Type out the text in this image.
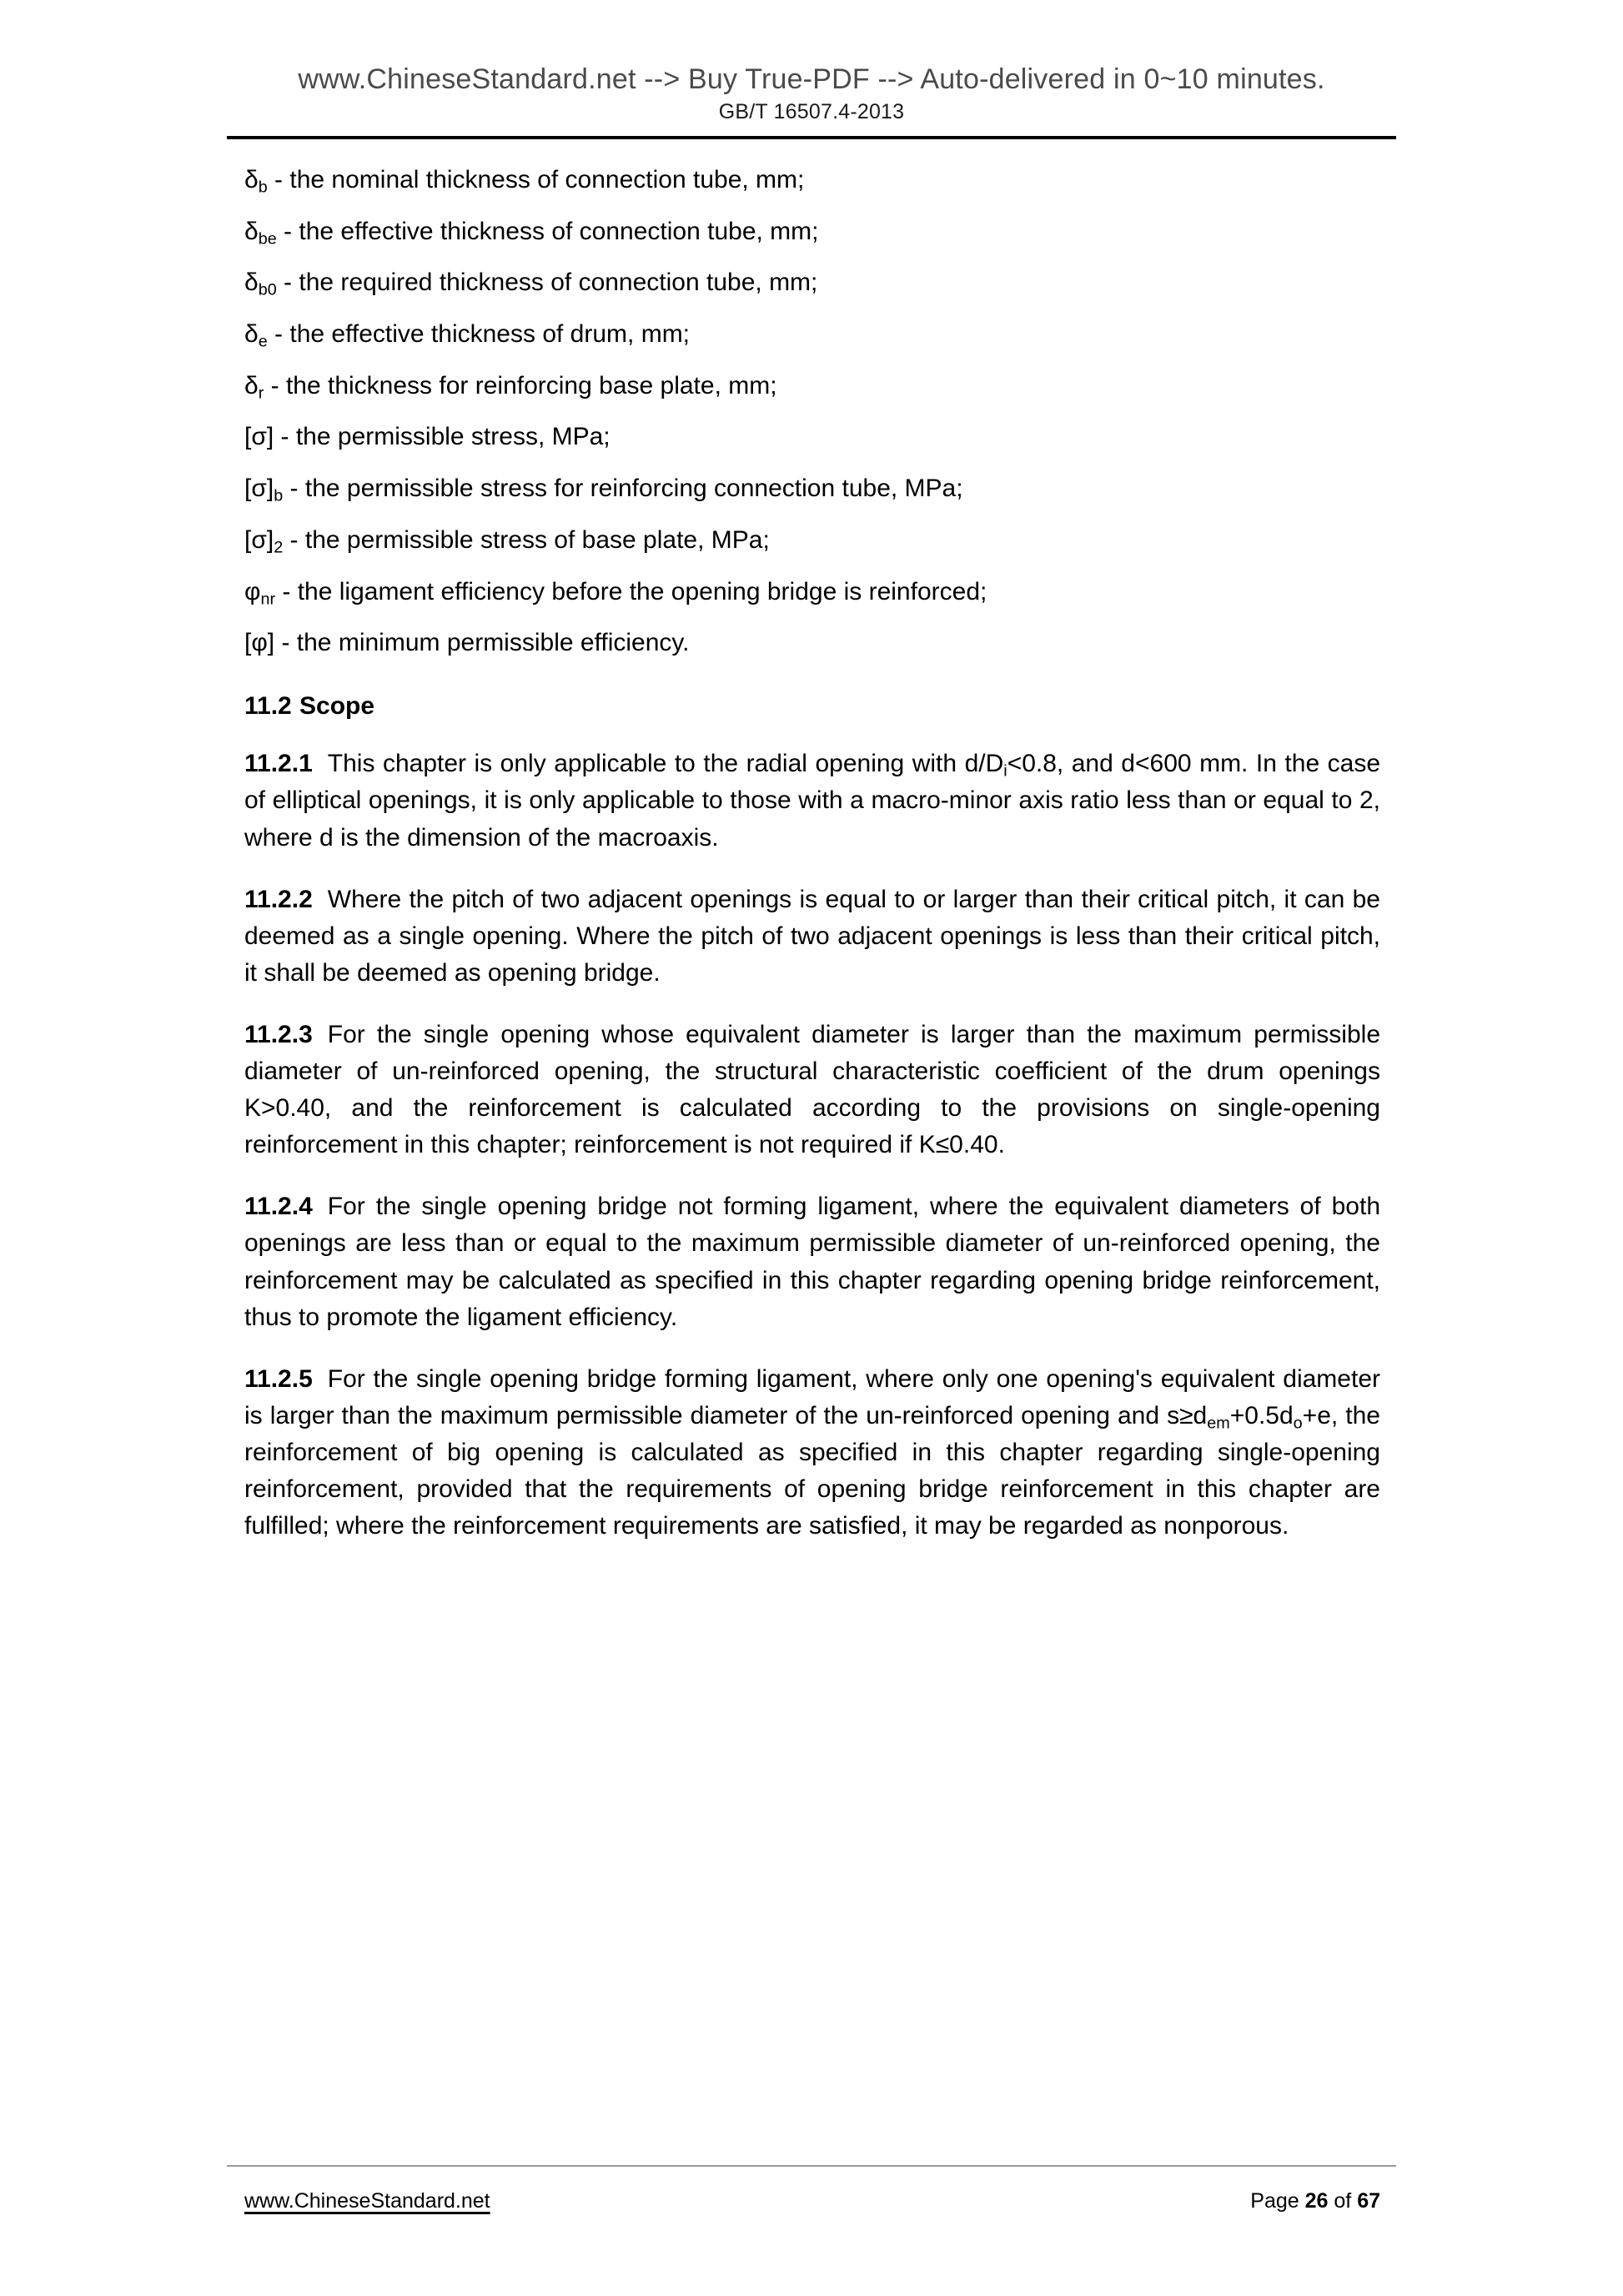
www.ChineseStandard.net --> Buy True-PDF --> Auto-delivered in 0~10 minutes.
GB/T 16507.4-2013
$\delta_b$ - the nominal thickness of connection tube, mm;
$\delta_{be}$ - the effective thickness of connection tube, mm;
$\delta_{b0}$ - the required thickness of connection tube, mm;
$\delta_e$ - the effective thickness of drum, mm;
$\delta_r$ - the thickness for reinforcing base plate, mm;
[σ] - the permissible stress, MPa;
$[\sigma]_b$ - the permissible stress for reinforcing connection tube, MPa;
$[\sigma]_2$ - the permissible stress of base plate, MPa;
$\varphi_{nr}$ - the ligament efficiency before the opening bridge is reinforced;
[φ] - the minimum permissible efficiency.
11.2 Scope

11.2.1 This chapter is only applicable to the radial opening with $d/D_i<0.8$, and d<600 mm. In the case of elliptical openings, it is only applicable to those with a macro-minor axis ratio less than or equal to 2, where d is the dimension of the macroaxis.

11.2.2 Where the pitch of two adjacent openings is equal to or larger than their critical pitch, it can be deemed as a single opening. Where the pitch of two adjacent openings is less than their critical pitch, it shall be deemed as opening bridge.

11.2.3 For the single opening whose equivalent diameter is larger than the maximum permissible diameter of un-reinforced opening, the structural characteristic coefficient of the drum openings K>0.40, and the reinforcement is calculated according to the provisions on single-opening reinforcement in this chapter; reinforcement is not required if K≤0.40.

11.2.4 For the single opening bridge not forming ligament, where the equivalent diameters of both openings are less than or equal to the maximum permissible diameter of un-reinforced opening, the reinforcement may be calculated as specified in this chapter regarding opening bridge reinforcement, thus to promote the ligament efficiency.

11.2.5 For the single opening bridge forming ligament, where only one opening's equivalent diameter is larger than the maximum permissible diameter of the un-reinforced opening and $s\ge d_{em}+0.5d_o+e$, the reinforcement of big opening is calculated as specified in this chapter regarding single-opening reinforcement, provided that the requirements of opening bridge reinforcement in this chapter are fulfilled; where the reinforcement requirements are satisfied, it may be regarded as nonporous.

www.ChineseStandard.net	Page 26 of 67
